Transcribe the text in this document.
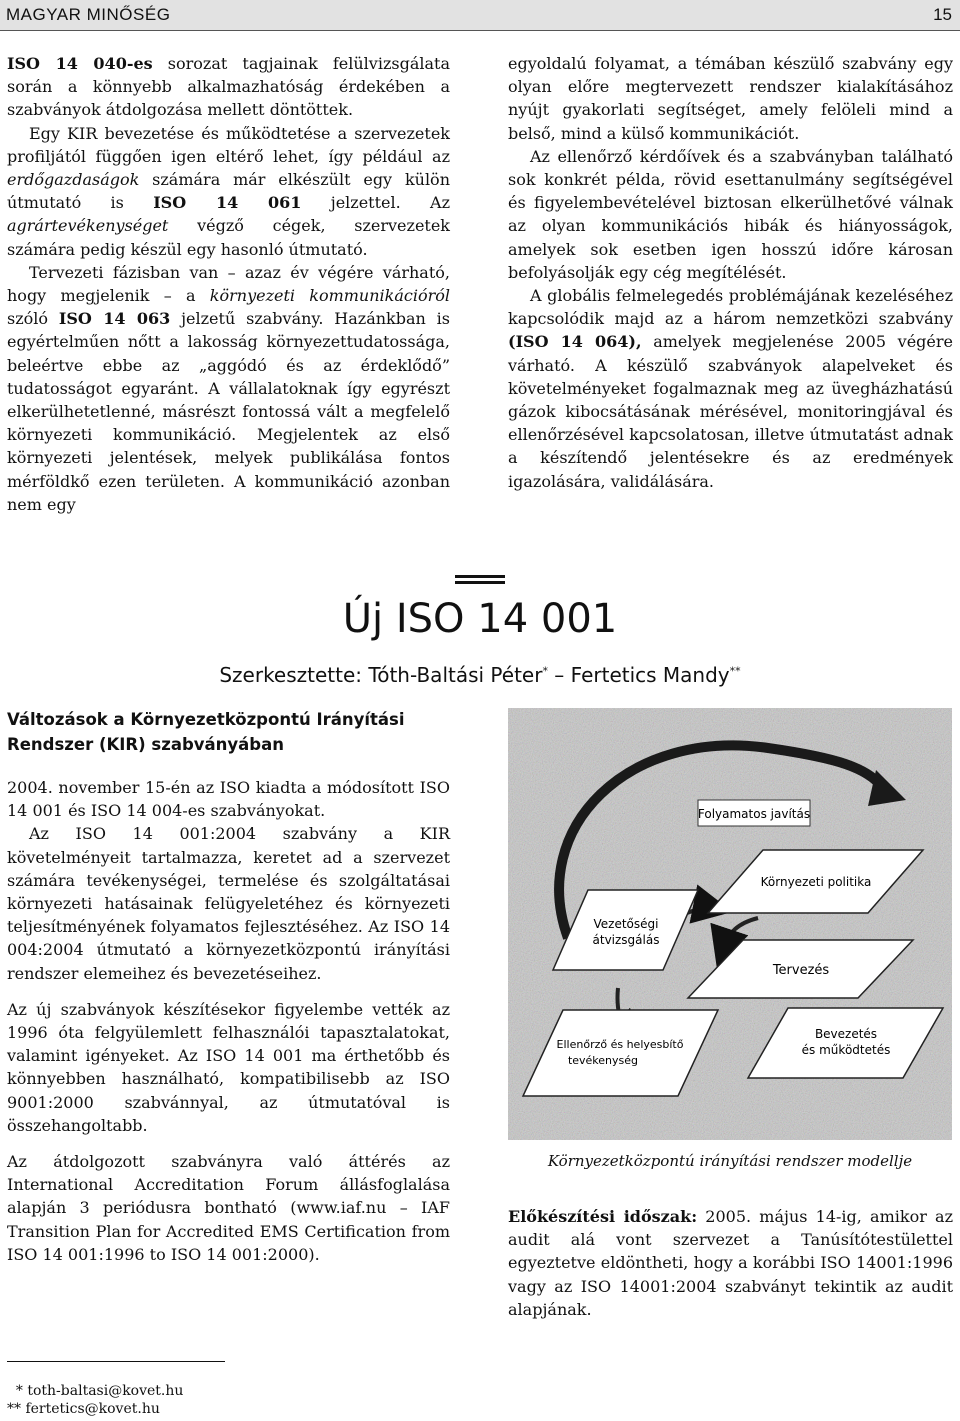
MAGYAR MINŐSÉG	15

ISO 14 040-es sorozat tagjainak felülvizsgálata során a könnyebb alkalmazhatóság érdekében a szabványok átdolgozása mellett döntöttek.

Egy KIR bevezetése és működtetése a szervezetek profiljától függően igen eltérő lehet, így például az erdőgazdaságok számára már elkészült egy külön útmutató is ISO 14 061 jelzettel. Az agrártevékenységet végző cégek, szervezetek számára pedig készül egy hasonló útmutató.

Tervezeti fázisban van – azaz év végére várható, hogy megjelenik – a környezeti kommunikációról szóló ISO 14 063 jelzetű szabvány. Hazánkban is egyértelműen nőtt a lakosság környezettudatossága, beleértve ebbe az „aggódó és az érdeklődő” tudatosságot egyaránt. A vállalatoknak így egyrészt elkerülhetetlenné, másrészt fontossá vált a megfelelő környezeti kommunikáció. Megjelentek az első környezeti jelentések, melyek publikálása fontos mérföldkő ezen területen. A kommunikáció azonban nem egy

egyoldalú folyamat, a témában készülő szabvány egy olyan előre megtervezett rendszer kialakításához nyújt gyakorlati segítséget, amely felöleli mind a belső, mind a külső kommunikációt.

Az ellenőrző kérdőívek és a szabványban található sok konkrét példa, rövid esettanulmány segítségével és figyelembevételével biztosan elkerülhetővé válnak az olyan kommunikációs hibák és hiányosságok, amelyek sok esetben igen hosszú időre károsan befolyásolják egy cég megítélését.

A globális felmelegedés problémájának kezeléséhez kapcsolódik majd az a három nemzetközi szabvány (ISO 14 064), amelyek megjelenése 2005 végére várható. A készülő szabványok alapelveket és követelményeket fogalmaznak meg az üvegházhatású gázok kibocsátásának mérésével, monitoringjával és ellenőrzésével kapcsolatosan, illetve útmutatást adnak a készítendő jelentésekre és az eredmények igazolására, validálására.

Új ISO 14 001

Szerkesztette: Tóth-Baltási Péter* – Fertetics Mandy**

Változások a Környezetközpontú Irányítási Rendszer (KIR) szabványában

2004. november 15-én az ISO kiadta a módosított ISO 14 001 és ISO 14 004-es szabványokat.

Az ISO 14 001:2004 szabvány a KIR követelményeit tartalmazza, keretet ad a szervezet számára tevékenységei, termelése és szolgáltatásai környezeti hatásainak felügyeletéhez és környezeti teljesítményének folyamatos fejlesztéséhez. Az ISO 14 004:2004 útmutató a környezetközpontú irányítási rendszer elemeihez és bevezetéseihez.

Az új szabványok készítésekor figyelembe vették az 1996 óta felgyülemlett felhasználói tapasztalatokat, valamint igényeket. Az ISO 14 001 ma érthetőbb és könnyebben használható, kompatibilisebb az ISO 9001:2000 szabvánnyal, az útmutatóval is összehangoltabb.

Az átdolgozott szabványra való áttérés az International Accreditation Forum állásfoglalása alapján 3 periódusra bontható (www.iaf.nu – IAF Transition Plan for Accredited EMS Certification from ISO 14 001:1996 to ISO 14 001:2000).

Folyamatos javítás
Környezeti politika
Vezetőségi
átvizsgálás
Tervezés
Bevezetés
és működtetés
Ellenőrző és helyesbítő
tevékenység
Környezetközpontú irányítási rendszer modellje

Előkészítési időszak: 2005. május 14-ig, amikor az audit alá vont szervezet a Tanúsítótestülettel egyeztetve eldöntheti, hogy a korábbi ISO 14001:1996 vagy az ISO 14001:2004 szabványt tekintik az audit alapjának.

* toth-baltasi@kovet.hu
** fertetics@kovet.hu
